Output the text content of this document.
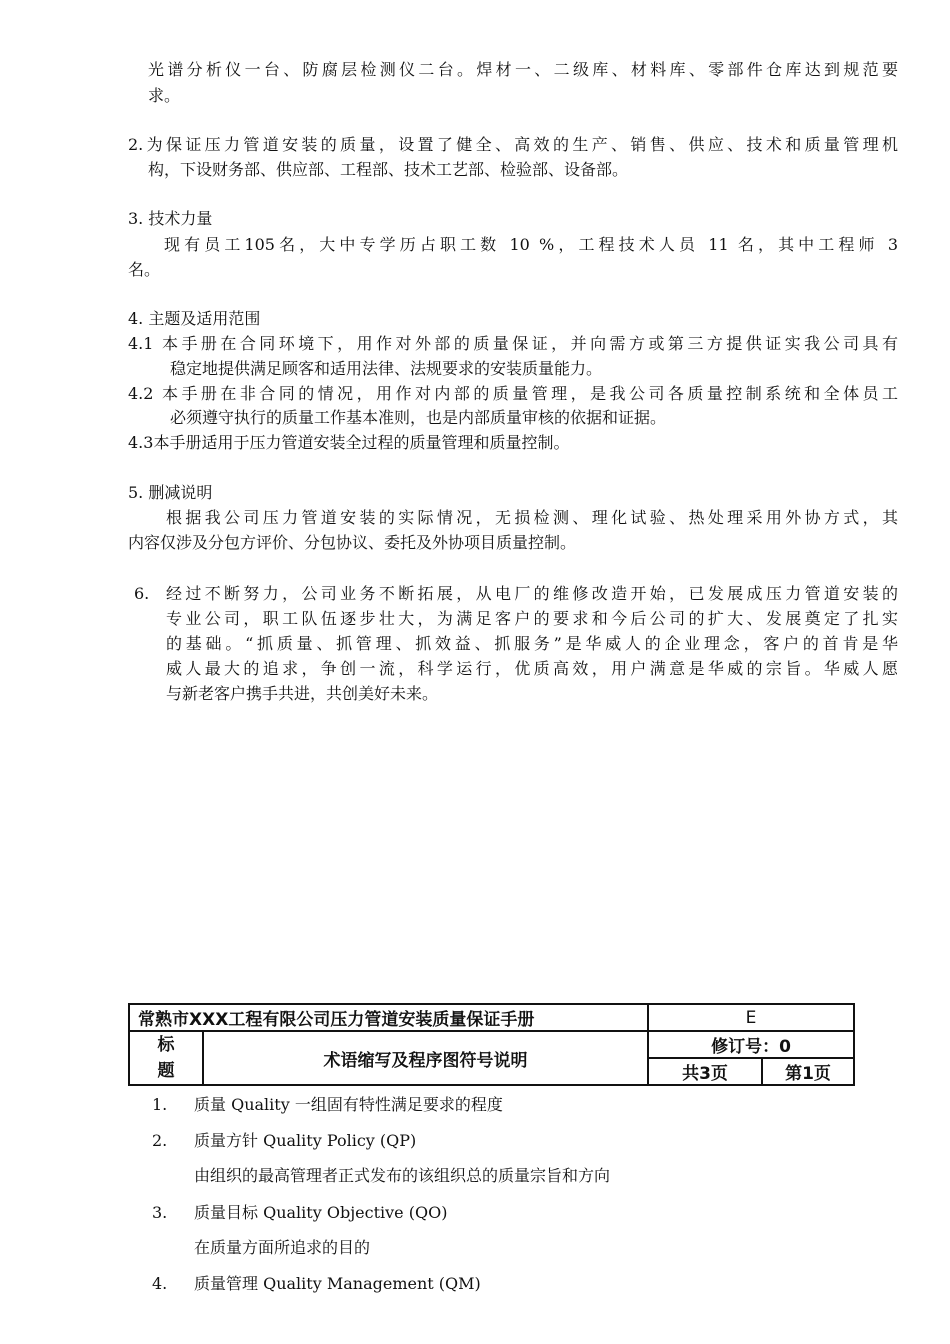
光谱分析仪一台、防腐层检测仪二台。焊材一、二级库、材料库、零部件仓库达到规范要
求。
2.为保证压力管道安装的质量，设置了健全、高效的生产、销售、供应、技术和质量管理机
构，下设财务部、供应部、工程部、技术工艺部、检验部、设备部。
3. 技术力量
现有员工105名，大中专学历占职工数 10 %，工程技术人员 11 名，其中工程师 3
名。
4. 主题及适用范围
4.1 本手册在合同环境下，用作对外部的质量保证，并向需方或第三方提供证实我公司具有
稳定地提供满足顾客和适用法律、法规要求的安装质量能力。
4.2 本手册在非合同的情况，用作对内部的质量管理，是我公司各质量控制系统和全体员工
必须遵守执行的质量工作基本准则，也是内部质量审核的依据和证据。
4.3本手册适用于压力管道安装全过程的质量管理和质量控制。
5. 删减说明
根据我公司压力管道安装的实际情况，无损检测、理化试验、热处理采用外协方式，其
内容仅涉及分包方评价、分包协议、委托及外协项目质量控制。
6. 经过不断努力，公司业务不断拓展，从电厂的维修改造开始，已发展成压力管道安装的
专业公司，职工队伍逐步壮大，为满足客户的要求和今后公司的扩大、发展奠定了扎实
的基础。“抓质量、抓管理、抓效益、抓服务”是华威人的企业理念，客户的首肯是华
威人最大的追求，争创一流，科学运行，优质高效，用户满意是华威的宗旨。华威人愿
与新老客户携手共进，共创美好未来。
常熟市XXX工程有限公司压力管道安装质量保证手册		E	
标
题	术语缩写及程序图符号说明	修订号：0	
		共3页	第1页
1. 质量 Quality 一组固有特性满足要求的程度
2. 质量方针 Quality Policy (QP)
由组织的最高管理者正式发布的该组织总的质量宗旨和方向
3. 质量目标 Quality Objective (QO)
在质量方面所追求的目的
4. 质量管理 Quality Management (QM)
